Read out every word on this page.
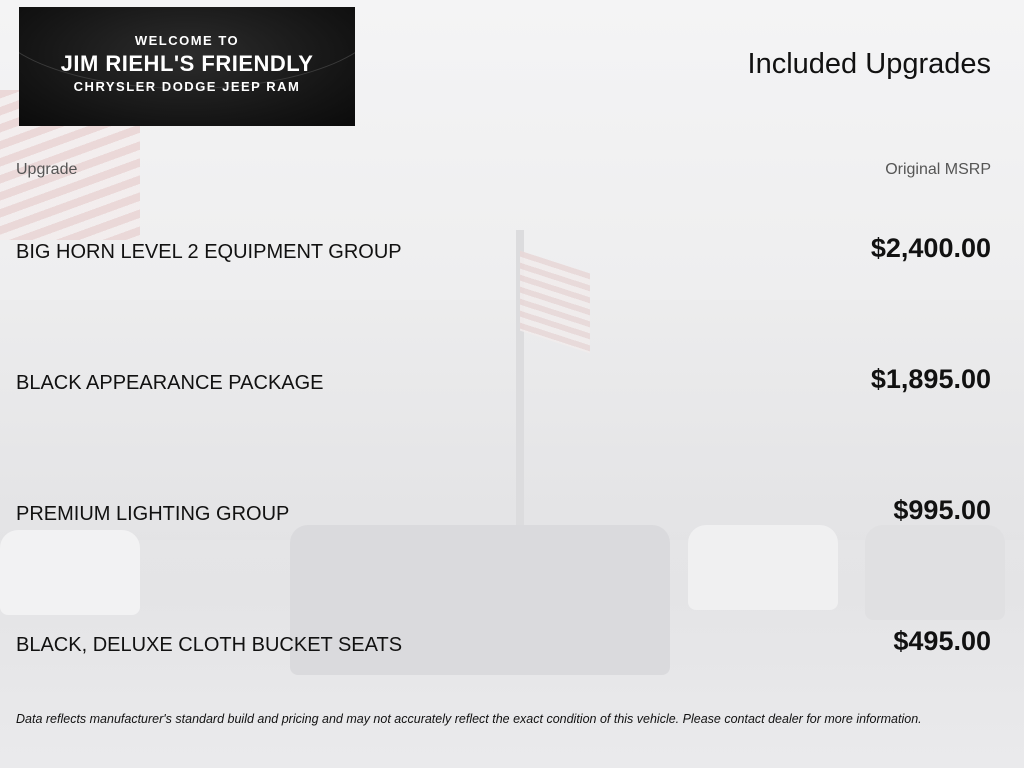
WELCOME TO
JIM RIEHL'S FRIENDLY
CHRYSLER DODGE JEEP RAM
Included Upgrades
Upgrade	Original MSRP
BIG HORN LEVEL 2 EQUIPMENT GROUP	$2,400.00
BLACK APPEARANCE PACKAGE	$1,895.00
PREMIUM LIGHTING GROUP	$995.00
BLACK, DELUXE CLOTH BUCKET SEATS	$495.00
Data reflects manufacturer's standard build and pricing and may not accurately reflect the exact condition of this vehicle. Please contact dealer for more information.
